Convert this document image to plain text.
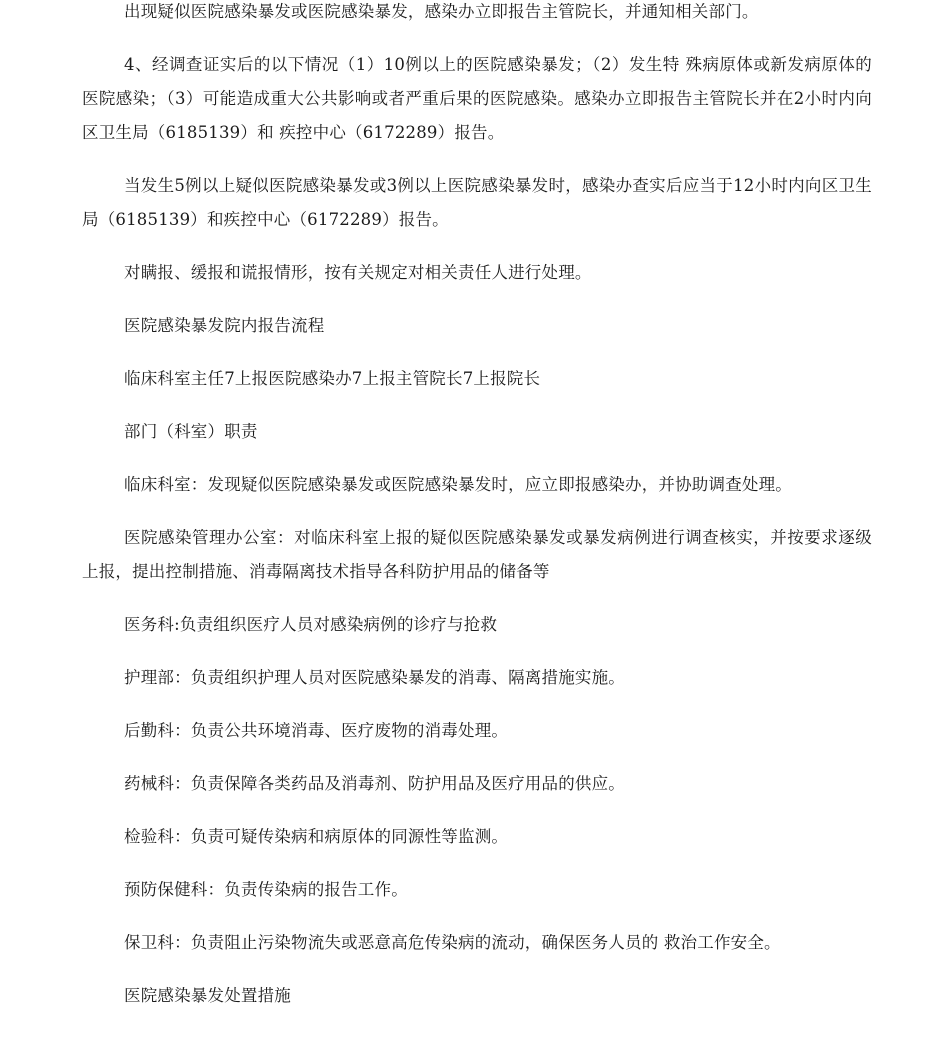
出现疑似医院感染暴发或医院感染暴发，感染办立即报告主管院长，并通知相关部门。

4、经调查证实后的以下情况（1）10例以上的医院感染暴发；（2）发生特 殊病原体或新发病原体的医院感染；（3）可能造成重大公共影响或者严重后果的医院感染。感染办立即报告主管院长并在2小时内向区卫生局（6185139）和 疾控中心（6172289）报告。

当发生5例以上疑似医院感染暴发或3例以上医院感染暴发时，感染办查实后应当于12小时内向区卫生局（6185139）和疾控中心（6172289）报告。

对瞒报、缓报和谎报情形，按有关规定对相关责任人进行处理。

医院感染暴发院内报告流程

临床科室主任7上报医院感染办7上报主管院长7上报院长

部门（科室）职责

临床科室：发现疑似医院感染暴发或医院感染暴发时，应立即报感染办，并协助调查处理。

医院感染管理办公室：对临床科室上报的疑似医院感染暴发或暴发病例进行调查核实，并按要求逐级上报，提出控制措施、消毒隔离技术指导各科防护用品的储备等

医务科:负责组织医疗人员对感染病例的诊疗与抢救

护理部：负责组织护理人员对医院感染暴发的消毒、隔离措施实施。

后勤科：负责公共环境消毒、医疗废物的消毒处理。

药械科：负责保障各类药品及消毒剂、防护用品及医疗用品的供应。

检验科：负责可疑传染病和病原体的同源性等监测。

预防保健科：负责传染病的报告工作。

保卫科：负责阻止污染物流失或恶意高危传染病的流动，确保医务人员的 救治工作安全。

医院感染暴发处置措施
